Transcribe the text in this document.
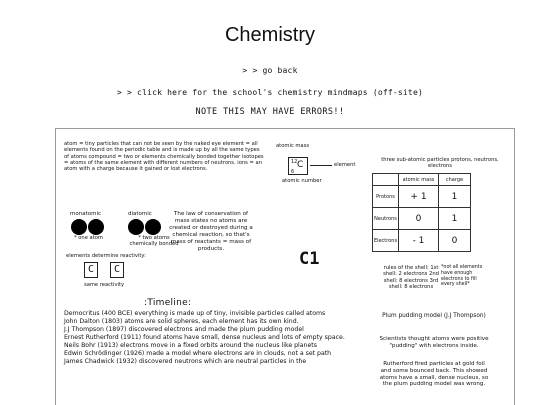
Chemistry
> > go back
> > click here for the school's chemistry mindmaps (off-site)
NOTE THIS MAY HAVE ERRORS!!
atom = tiny particles that can not be seen by the naked eye element = all elements found on the periodic table and is made up by all the same types of atoms compound = two or elements chemically bonded together isotopes = atoms of the same element with different numbers of neutrons. ions = an atom with a charge because it gained or lost electrons.
atomic mass
12 C
6
element
atomic number
monatomic
* one atom
diatomic
* two atoms chemically bonded
elements determine reactivity:
C	C
same reactivity
The law of conservation of mass states no atoms are created or destroyed during a chemical reaction, so that's mass of reactants = mass of products.	C1
three sub-atomic particles protons, neutrons, electrons
	atomic mass	charge
Protons	+ 1	1
Neutrons	0	1
Electrons	- 1	0
rules of the shell: 1st shell: 2 electrons 2nd shell: 8 electrons 3rd shell: 8 electrons
*not all elements have enough electrons to fill every shell*
:Timeline:
Democritus (400 BCE) everything is made up of tiny, invisible particles called atoms
John Dalton (1803) atoms are solid spheres, each element has its own kind.
J.J Thompson (1897) discovered electrons and made the plum pudding model
Ernest Rutherford (1911) found atoms have small, dense nucleus and lots of empty space.
Neils Bohr (1913) electrons move in a fixed orbits around the nucleus like planets
Edwin Schrödinger (1926) made a model where electrons are in clouds, not a set path
James Chadwick (1932) discovered neutrons which are neutral particles in the
Plum pudding model (J.J Thompson)
Scientists thought atoms were positive "pudding" with electrons inside.
Rutherford fired particles at gold foil and some bounced back. This showed atoms have a small, dense nucleus, so the plum pudding model was wrong.
